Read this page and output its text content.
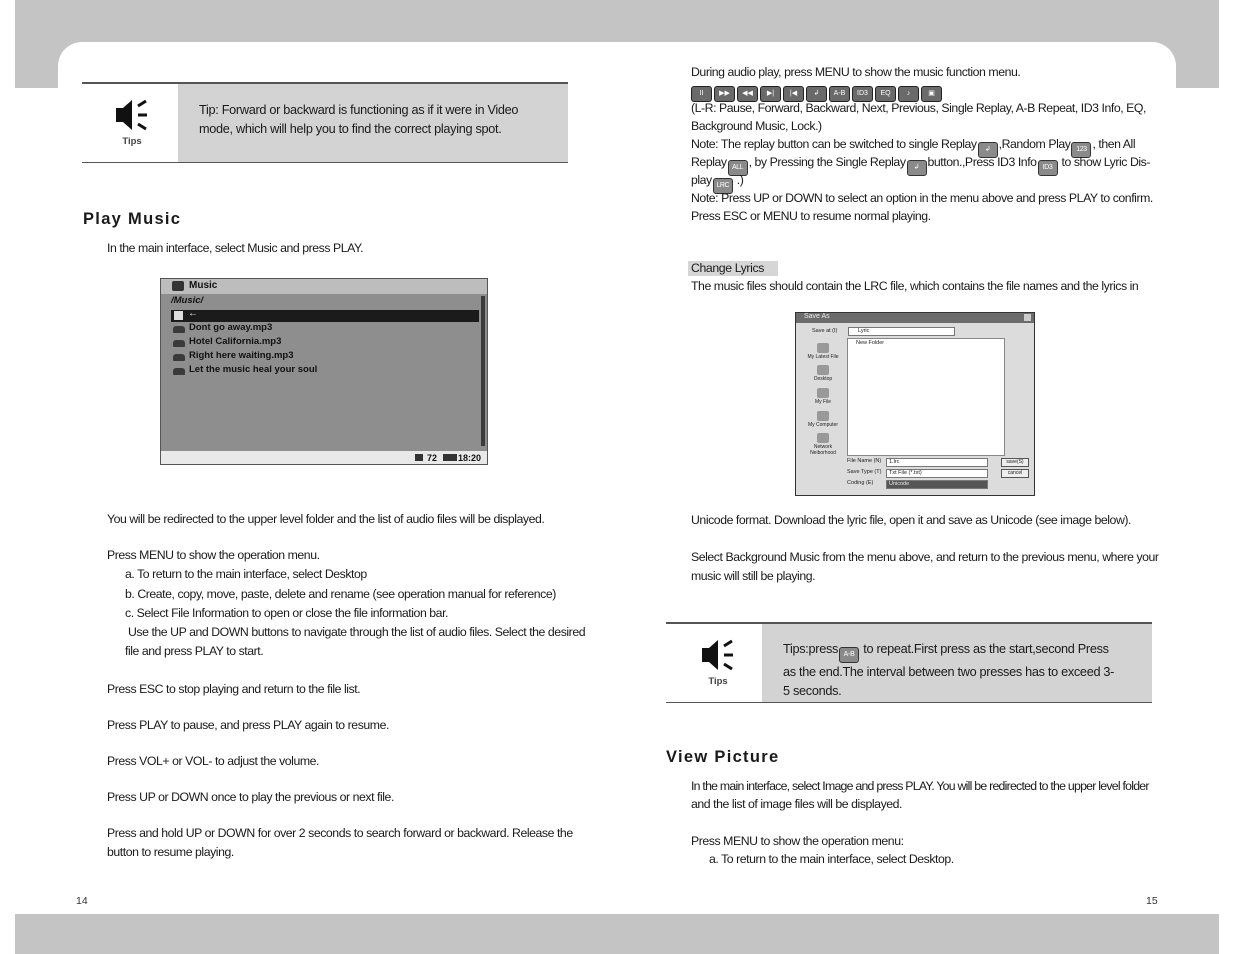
Tips
Tip: Forward or backward is functioning as if it were in Video
mode, which will help you to find the correct playing spot.
Play Music

In the main interface, select Music and press PLAY.

Music
/Music/
←
Dont go away.mp3
Hotel California.mp3
Right here waiting.mp3
Let the music heal your soul
72 18:20

You will be redirected to the upper level folder and the list of audio files will be displayed.

Press MENU to show the operation menu.

a. To return to the main interface, select Desktop

b. Create, copy, move, paste, delete and rename (see operation manual for reference)

c. Select File Information to open or close the file information bar.

Use the UP and DOWN buttons to navigate through the list of audio files. Select the desired

file and press PLAY to start.

Press ESC to stop playing and return to the file list.

Press PLAY to pause, and press PLAY again to resume.

Press VOL+ or VOL- to adjust the volume.

Press UP or DOWN once to play the previous or next file.

Press and hold UP or DOWN for over 2 seconds to search forward or backward. Release the

button to resume playing.

14

During audio play, press MENU to show the music function menu.

II ▶▶ ◀◀ ▶| |◀ ↲ A-B ID3 EQ ♪	▣

(L-R: Pause, Forward, Backward, Next, Previous, Single Replay, A-B Repeat, ID3 Info, EQ,

Background Music, Lock.)

Note: The replay button can be switched to single Replay ↲ ,Random Play 123 , then All

Replay ALL , by Pressing the Single Replay ↲ button.,Press ID3 Info ID3 to show Lyric Dis-

play LRC .)

Note: Press UP or DOWN to select an option in the menu above and press PLAY to confirm.

Press ESC or MENU to resume normal playing.

Change Lyrics

The music files should contain the LRC file, which contains the file names and the lyrics in

Save As
Save at (I)	Lyric
New Folder
My Latest File
Desktop
My File
My Computer
Network Neiborhood
File Name (N) 1.lrc
Save Type (T) Txt File (*.txt)
Coding (E)	Unicode
save(S)
cancel

Unicode format. Download the lyric file, open it and save as Unicode (see image below).

Select Background Music from the menu above, and return to the previous menu, where your

music will still be playing.

Tips
Tips:press A-B to repeat.First press as the start,second Press
as the end.The interval between two presses has to exceed 3-
5 seconds.
View Picture

In the main interface, select Image and press PLAY. You will be redirected to the upper level folder

and the list of image files will be displayed.

Press MENU to show the operation menu:

a. To return to the main interface, select Desktop.

15
